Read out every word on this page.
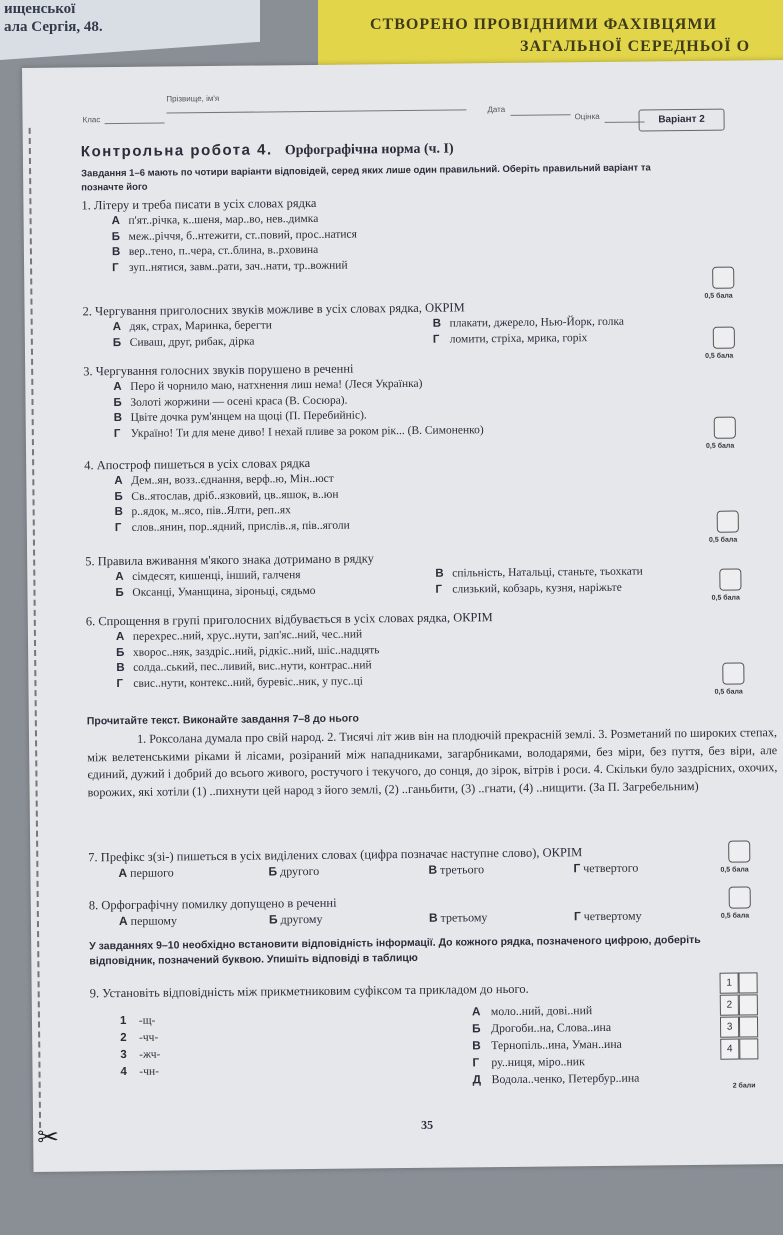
ищенської
ала Сергія, 48.	СТВОРЕНО ПРОВІДНИМИ ФАХІВЦЯМИ
ЗАГАЛЬНОЇ СЕРЕДНЬОЇ О
✂
Клас
Прізвище, ім'я
Дата
Оцінка	Варіант 2
Контрольна робота 4. Орфографічна норма (ч. І)
Завдання 1–6 мають по чотири варіанти відповідей, серед яких лише один правильний. Оберіть правильний варіант та позначте його
1. Літеру и треба писати в усіх словах рядка
А п'ят..річка, к..шеня, мар..во, нев..димка
Б меж..річчя, б..нтежити, ст..повий, прос..натися
В вер..тено, п..чера, ст..блина, в..рховина
Г зуп..нятися, завм..рати, зач..нати, тр..вожний
0,5 бала
2. Чергування приголосних звуків можливе в усіх словах рядка, ОКРІМ
А дяк, страх, Маринка, берегти
Б Сиваш, друг, рибак, дірка
В плакати, джерело, Нью-Йорк, голка
Г ломити, стріха, мрика, горіх
0,5 бала
3. Чергування голосних звуків порушено в реченні
А Перо й чорнило маю, натхнення лиш нема! (Леся Українка)
Б Золоті жоржини — осені краса (В. Сосюра).
В Цвіте дочка рум'янцем на щоці (П. Перебийніс).
Г Україно! Ти для мене диво! І нехай пливе за роком рік... (В. Симоненко)
0,5 бала
4. Апостроф пишеться в усіх словах рядка
А Дем..ян, возз..єднання, верф..ю, Мін..юст
Б Св..ятослав, дріб..язковий, цв..яшок, в..юн
В р..ядок, м..ясо, пів..Ялти, реп..ях
Г слов..янин, пор..ядний, прислів..я, пів..яголи
0,5 бала
5. Правила вживання м'якого знака дотримано в рядку
А сімдесят, кишенці, інший, галченя
Б Оксанці, Уманщина, зіроньці, сядьмо
В спільність, Натальці, станьте, тьохкати
Г слизький, кобзарь, кузня, наріжьте
0,5 бала
6. Спрощення в групі приголосних відбувається в усіх словах рядка, ОКРІМ
А перехрес..ний, хрус..нути, зап'яс..ний, чес..ний
Б хворос..няк, заздріс..ний, рідкіс..ний, шіс..надцять
В солда..ський, пес..ливий, вис..нути, контрас..ний
Г свис..нути, контекс..ний, буревіс..ник, у пус..ці
0,5 бала
Прочитайте текст. Виконайте завдання 7–8 до нього
1. Роксолана думала про свій народ. 2. Тисячі літ жив він на плодючій прекрасній землі. 3. Розметаний по широких степах, між велетенськими ріками й лісами, розіраний між нападниками, загарбниками, володарями, без міри, без пуття, без віри, але єдиний, дужий і добрий до всього живого, ростучого і текучого, до сонця, до зірок, вітрів і роси. 4. Скільки було заздрісних, охочих, ворожих, які хотіли (1) ..пихнути цей народ з його землі, (2) ..ганьбити, (3) ..гнати, (4) ..нищити. (За П. Загребельним)
7. Префікс з(зі-) пишеться в усіх виділених словах (цифра позначає наступне слово), ОКРІМ
А першого	Б другого	В третього	Г четвертого	0,5 бала
8. Орфографічну помилку допущено в реченні
А першому	Б другому	В третьому	Г четвертому	0,5 бала
У завданнях 9–10 необхідно встановити відповідність інформації. До кожного рядка, позначеного цифрою, доберіть відповідник, позначений буквою. Упишіть відповіді в таблицю
9. Установіть відповідність між прикметниковим суфіксом та прикладом до нього.
1 -щ-
2 -чч-
3 -жч-
4 -чн-
А моло..ний, дові..ний
Б Дрогоби..на, Слова..ина
В Тернопіль..ина, Уман..ина
Г ру..ниця, міро..ник
Д Водола..ченко, Петербур..ина
1
2
3
4
2 бали
35
